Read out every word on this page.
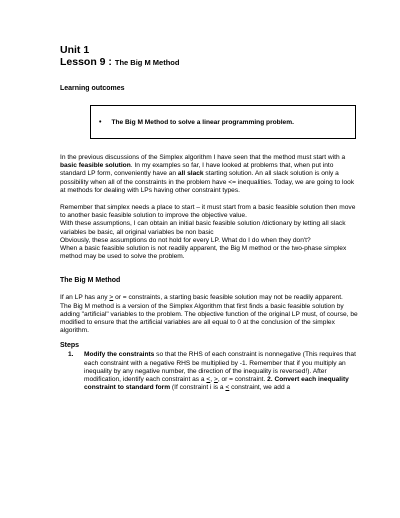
Unit 1
Lesson 9 : The Big M Method
Learning outcomes
• The Big M Method to solve a linear programming problem.

In the previous discussions of the Simplex algorithm I have seen that the method must start with a basic feasible solution. In my examples so far, I have looked at problems that, when put into standard LP form, conveniently have an all slack starting solution. An all slack solution is only a possibility when all of the constraints in the problem have <= inequalities. Today, we are going to look at methods for dealing with LPs having other constraint types.

Remember that simplex needs a place to start – it must start from a basic feasible solution then move to another basic feasible solution to improve the objective value.
With these assumptions, I can obtain an initial basic feasible solution /dictionary by letting all slack variables be basic, all original variables be non basic
Obviously, these assumptions do not hold for every LP. What do I do when they don't?
When a basic feasible solution is not readily apparent, the Big M method or the two-phase simplex method may be used to solve the problem.

The Big M Method

If an LP has any > or = constraints, a starting basic feasible solution may not be readily apparent.
The Big M method is a version of the Simplex Algorithm that first finds a basic feasible solution by adding "artificial" variables to the problem. The objective function of the original LP must, of course, be modified to ensure that the artificial variables are all equal to 0 at the conclusion of the simplex algorithm.

Steps
1. Modify the constraints so that the RHS of each constraint is nonnegative (This requires that each constraint with a negative RHS be multiplied by -1. Remember that if you multiply an inequality by any negative number, the direction of the inequality is reversed!). After modification, identify each constraint as a <, >, or = constraint. 2. Convert each inequality constraint to standard form (If constraint i is a < constraint, we add a
